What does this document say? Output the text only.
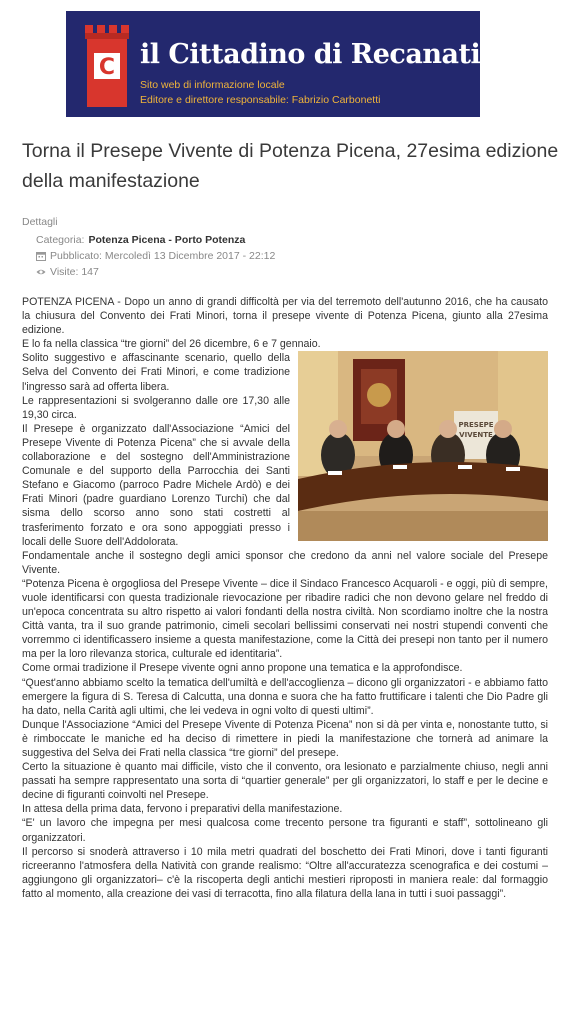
C il Cittadino di Recanati
Sito web di informazione locale
Editore e direttore responsabile: Fabrizio Carbonetti
Torna il Presepe Vivente di Potenza Picena, 27esima edizione della manifestazione
Dettagli
Categoria: Potenza Picena - Porto Potenza
Pubblicato: Mercoledì 13 Dicembre 2017 - 22:12
Visite: 147

POTENZA PICENA - Dopo un anno di grandi difficoltà per via del terremoto dell'autunno 2016, che ha causato la chiusura del Convento dei Frati Minori, torna il presepe vivente di Potenza Picena, giunto alla 27esima edizione.

E lo fa nella classica “tre giorni” del 26 dicembre, 6 e 7 gennaio.

PRESEPE
VIVENTE

Solito suggestivo e affascinante scenario, quello della Selva del Convento dei Frati Minori, e come tradizione l'ingresso sarà ad offerta libera.

Le rappresentazioni si svolgeranno dalle ore 17,30 alle 19,30 circa.

Il Presepe è organizzato dall'Associazione “Amici del Presepe Vivente di Potenza Picena” che si avvale della collaborazione e del sostegno dell'Amministrazione Comunale e del supporto della Parrocchia dei Santi Stefano e Giacomo (parroco Padre Michele Ardò) e dei Frati Minori (padre guardiano Lorenzo Turchi) che dal sisma dello scorso anno sono stati costretti al trasferimento forzato e ora sono appoggiati presso i locali delle Suore dell'Addolorata.

Fondamentale anche il sostegno degli amici sponsor che credono da anni nel valore sociale del Presepe Vivente.

“Potenza Picena è orgogliosa del Presepe Vivente – dice il Sindaco Francesco Acquaroli - e oggi, più di sempre, vuole identificarsi con questa tradizionale rievocazione per ribadire radici che non devono gelare nel freddo di un'epoca concentrata su altro rispetto ai valori fondanti della nostra civiltà. Non scordiamo inoltre che la nostra Città vanta, tra il suo grande patrimonio, cimeli secolari bellissimi conservati nei nostri stupendi conventi che vorremmo ci identificassero insieme a questa manifestazione, come la Città dei presepi non tanto per il numero ma per la loro rilevanza storica, culturale ed identitaria”.

Come ormai tradizione il Presepe vivente ogni anno propone una tematica e la approfondisce.

“Quest'anno abbiamo scelto la tematica dell'umiltà e dell'accoglienza – dicono gli organizzatori - e abbiamo fatto emergere la figura di S. Teresa di Calcutta, una donna e suora che ha fatto fruttificare i talenti che Dio Padre gli ha dato, nella Carità agli ultimi, che lei vedeva in ogni volto di questi ultimi”.

Dunque l'Associazione “Amici del Presepe Vivente di Potenza Picena” non si dà per vinta e, nonostante tutto, si è rimboccate le maniche ed ha deciso di rimettere in piedi la manifestazione che tornerà ad animare la suggestiva del Selva dei Frati nella classica “tre giorni” del presepe.

Certo la situazione è quanto mai difficile, visto che il convento, ora lesionato e parzialmente chiuso, negli anni passati ha sempre rappresentato una sorta di “quartier generale” per gli organizzatori, lo staff e per le decine e decine di figuranti coinvolti nel Presepe.

In attesa della prima data, fervono i preparativi della manifestazione.

“E' un lavoro che impegna per mesi qualcosa come trecento persone tra figuranti e staff”, sottolineano gli organizzatori.

Il percorso si snoderà attraverso i 10 mila metri quadrati del boschetto dei Frati Minori, dove i tanti figuranti ricreeranno l'atmosfera della Natività con grande realismo: “Oltre all'accuratezza scenografica e dei costumi – aggiungono gli organizzatori– c'è la riscoperta degli antichi mestieri riproposti in maniera reale: dal formaggio fatto al momento, alla creazione dei vasi di terracotta, fino alla filatura della lana in tutti i suoi passaggi”.
